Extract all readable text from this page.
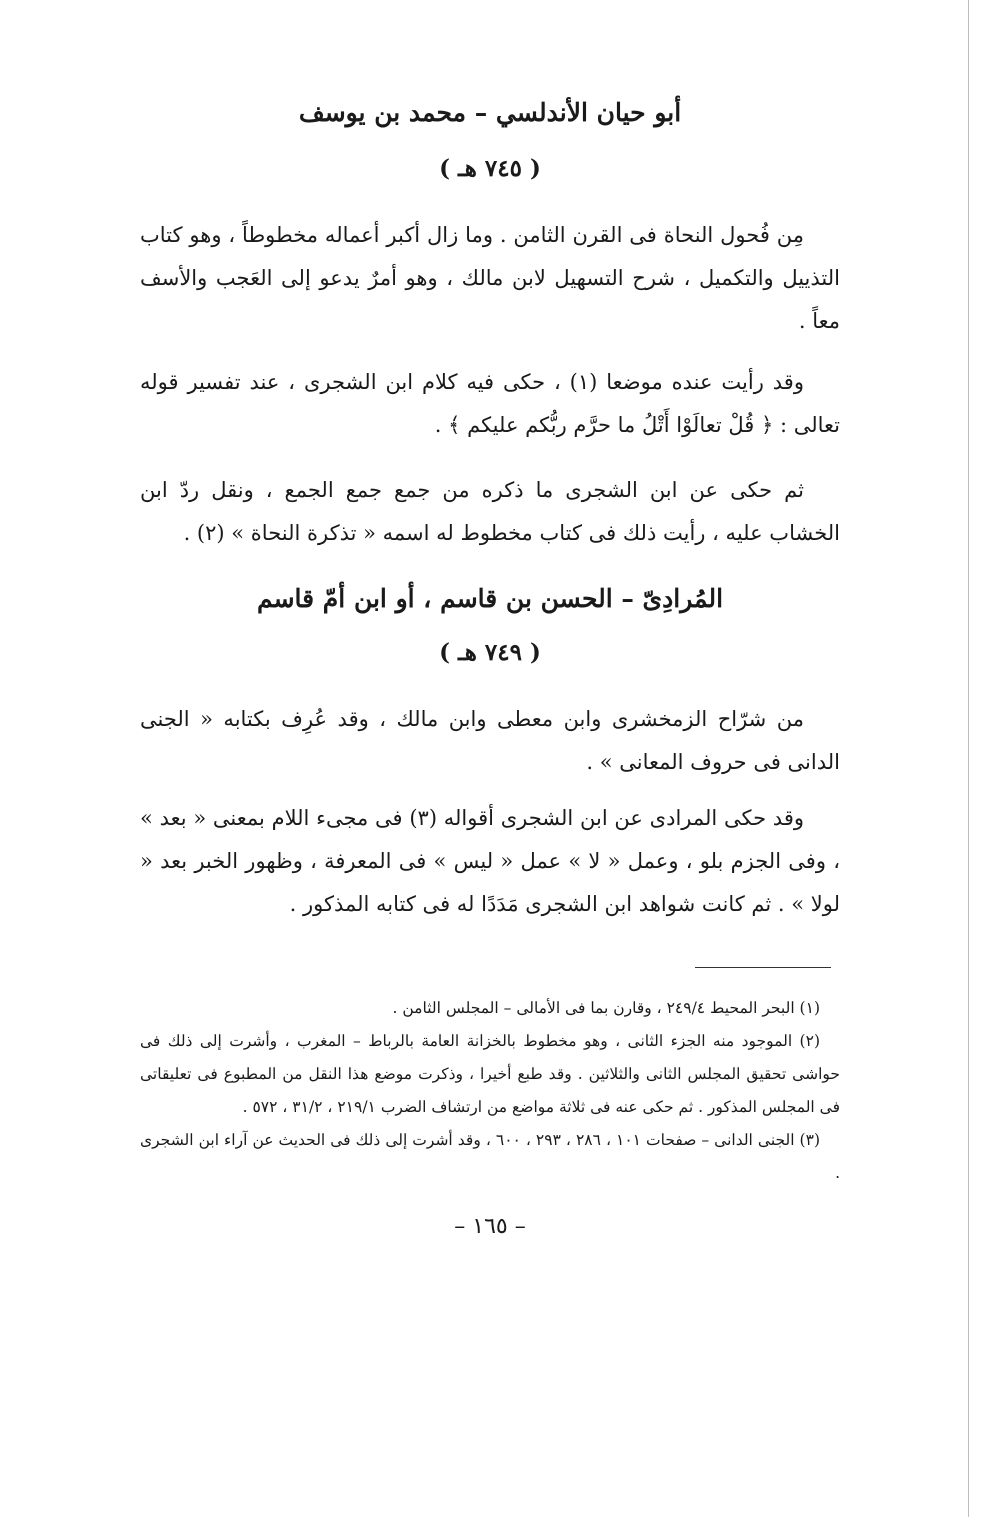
أبو حيان الأندلسي – محمد بن يوسف
( ٧٤٥ هـ )

مِن فُحول النحاة فى القرن الثامن . وما زال أكبر أعماله مخطوطاً ، وهو كتاب التذييل والتكميل ، شرح التسهيل لابن مالك ، وهو أمرٌ يدعو إلى العَجب والأسف معاً .

وقد رأيت عنده موضعا (١) ، حكى فيه كلام ابن الشجرى ، عند تفسير قوله تعالى : ﴿ قُلْ تعالَوْا أَتْلُ ما حرَّم ربُّكم عليكم ﴾ .

ثم حكى عن ابن الشجرى ما ذكره من جمع جمع الجمع ، ونقل ردّ ابن الخشاب عليه ، رأيت ذلك فى كتاب مخطوط له اسمه « تذكرة النحاة » (٢) .

المُرادِىّ – الحسن بن قاسم ، أو ابن أمّ قاسم
( ٧٤٩ هـ )

من شرّاح الزمخشرى وابن معطى وابن مالك ، وقد عُرِف بكتابه « الجنى الدانى فى حروف المعانى » .

وقد حكى المرادى عن ابن الشجرى أقواله (٣) فى مجىء اللام بمعنى « بعد » ، وفى الجزم بلو ، وعمل « لا » عمل « ليس » فى المعرفة ، وظهور الخبر بعد « لولا » . ثم كانت شواهد ابن الشجرى مَدَدًا له فى كتابه المذكور .

(١) البحر المحيط ٢٤٩/٤ ، وقارن بما فى الأمالى – المجلس الثامن .

(٢) الموجود منه الجزء الثانى ، وهو مخطوط بالخزانة العامة بالرباط – المغرب ، وأشرت إلى ذلك فى حواشى تحقيق المجلس الثانى والثلاثين . وقد طبع أخيرا ، وذكرت موضع هذا النقل من المطبوع فى تعليقاتى فى المجلس المذكور . ثم حكى عنه فى ثلاثة مواضع من ارتشاف الضرب ٢١٩/١ ، ٣١/٢ ، ٥٧٢ .

(٣) الجنى الدانى – صفحات ١٠١ ، ٢٨٦ ، ٢٩٣ ، ٦٠٠ ، وقد أشرت إلى ذلك فى الحديث عن آراء ابن الشجرى .

– ١٦٥ –
